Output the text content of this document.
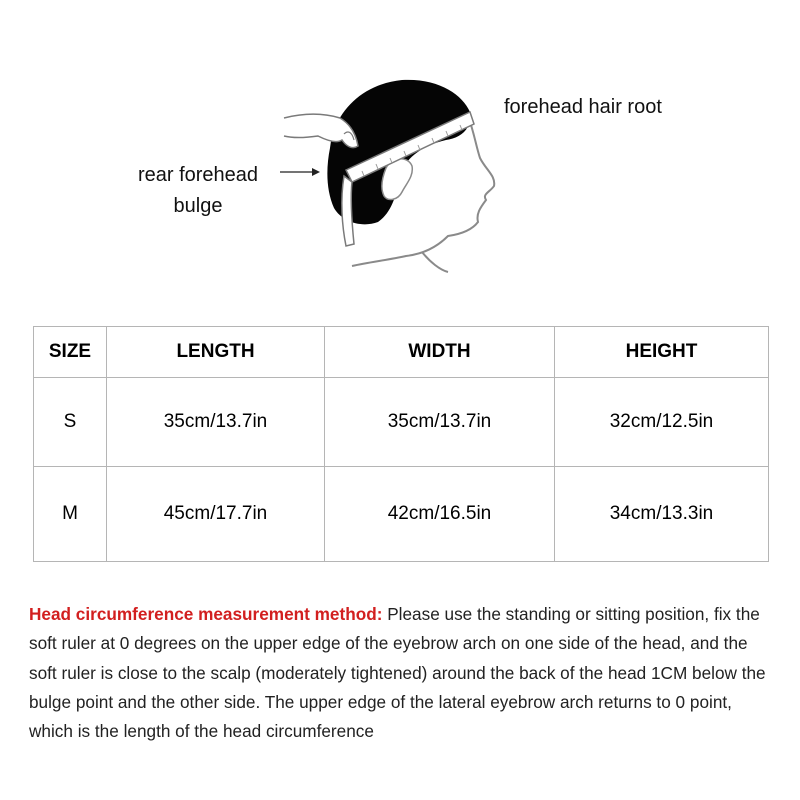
forehead hair root
rear forehead
bulge
SIZE	LENGTH	WIDTH	HEIGHT
S	35cm/13.7in	35cm/13.7in	32cm/12.5in
M	45cm/17.7in	42cm/16.5in	34cm/13.3in
Head circumference measurement method: Please use the standing or sitting position, fix the soft ruler at 0 degrees on the upper edge of the eyebrow arch on one side of the head, and the soft ruler is close to the scalp (moderately tightened) around the back of the head 1CM below the bulge point and the other side. The upper edge of the lateral eyebrow arch returns to 0 point, which is the length of the head circumference
